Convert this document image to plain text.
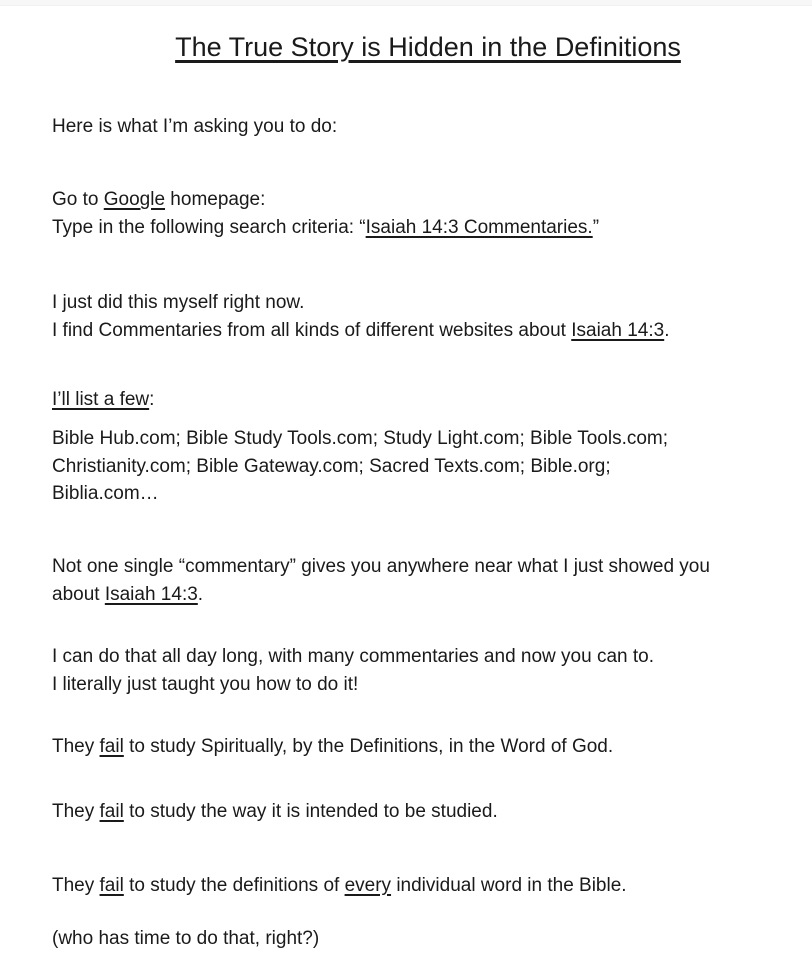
The True Story is Hidden in the Definitions
Here is what I’m asking you to do:
Go to Google homepage:
Type in the following search criteria: “Isaiah 14:3 Commentaries.”
I just did this myself right now.
I find Commentaries from all kinds of different websites about Isaiah 14:3.
I’ll list a few:
Bible Hub.com; Bible Study Tools.com; Study Light.com; Bible Tools.com;
Christianity.com; Bible Gateway.com; Sacred Texts.com; Bible.org;
Biblia.com…
Not one single “commentary” gives you anywhere near what I just showed you
about Isaiah 14:3.
I can do that all day long, with many commentaries and now you can to.
I literally just taught you how to do it!
They fail to study Spiritually, by the Definitions, in the Word of God.
They fail to study the way it is intended to be studied.
They fail to study the definitions of every individual word in the Bible.
(who has time to do that, right?)
